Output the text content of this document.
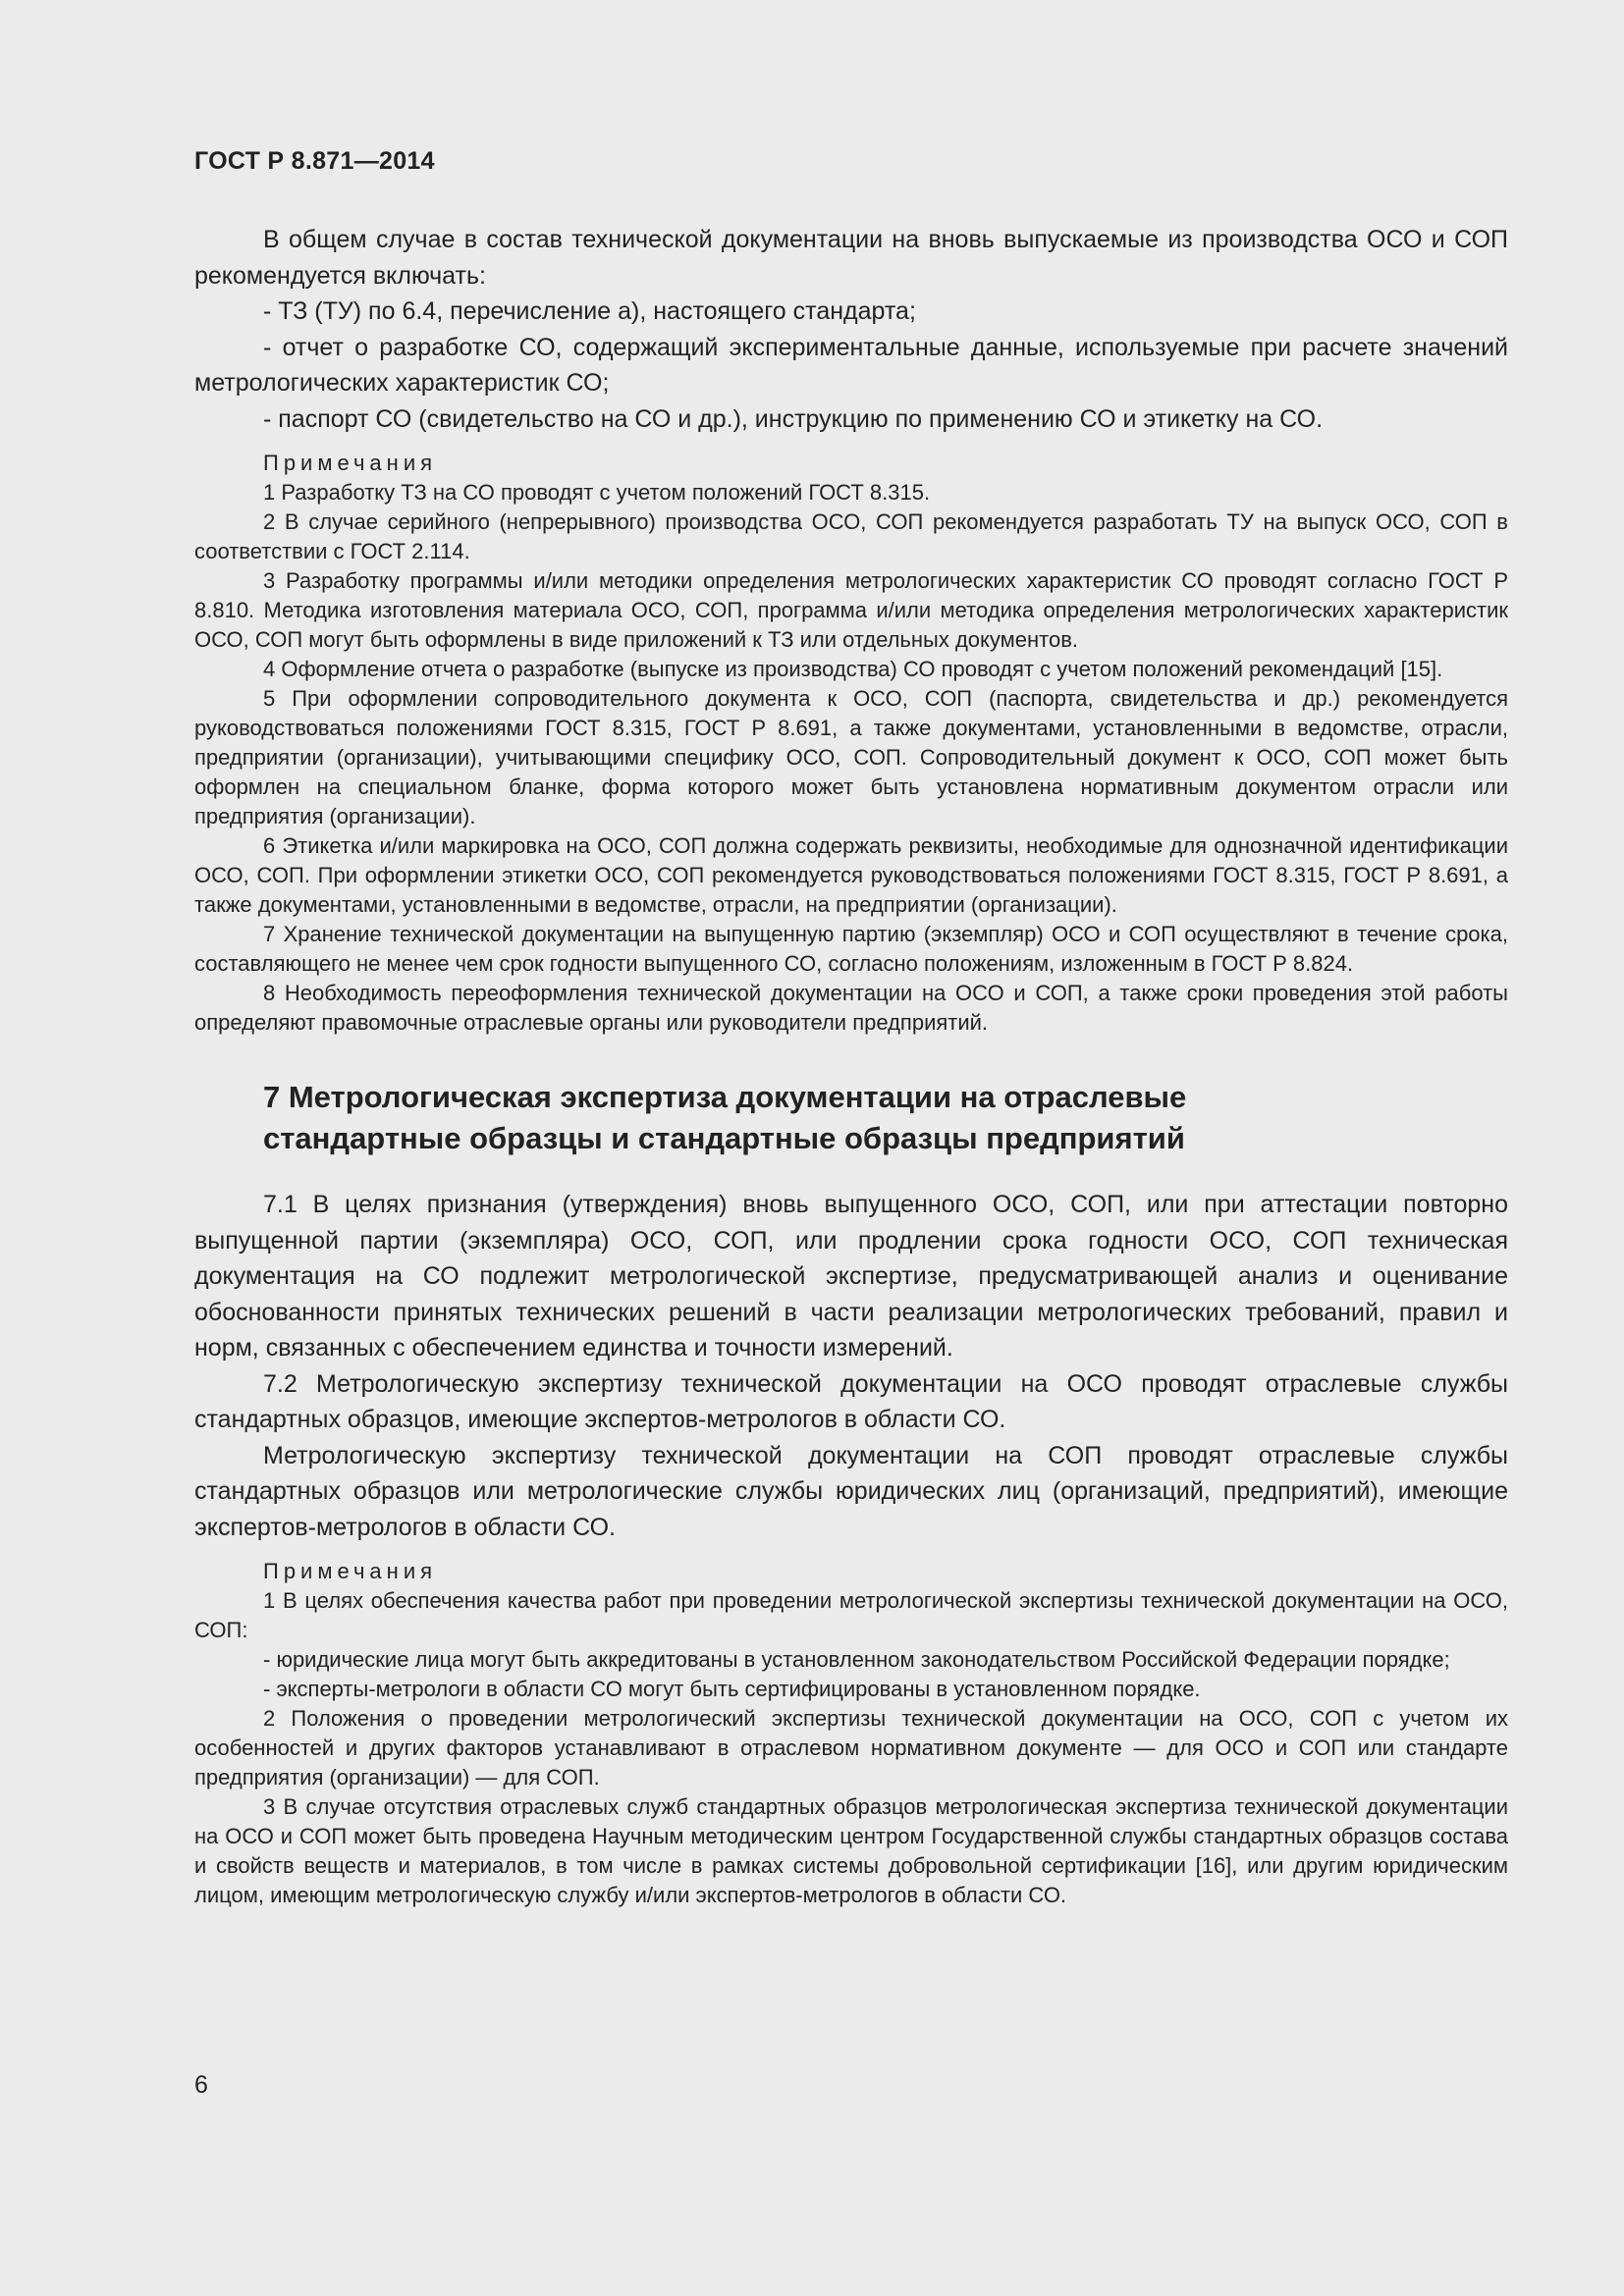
ГОСТ Р 8.871—2014

В общем случае в состав технической документации на вновь выпускаемые из производства ОСО и СОП рекомендуется включать:

- ТЗ (ТУ) по 6.4, перечисление а), настоящего стандарта;

- отчет о разработке СО, содержащий экспериментальные данные, используемые при расчете значений метрологических характеристик СО;

- паспорт СО (свидетельство на СО и др.), инструкцию по применению СО и этикетку на СО.

Примечания

1 Разработку ТЗ на СО проводят с учетом положений ГОСТ 8.315.

2 В случае серийного (непрерывного) производства ОСО, СОП рекомендуется разработать ТУ на выпуск ОСО, СОП в соответствии с ГОСТ 2.114.

3 Разработку программы и/или методики определения метрологических характеристик СО проводят согласно ГОСТ Р 8.810. Методика изготовления материала ОСО, СОП, программа и/или методика определения метрологических характеристик ОСО, СОП могут быть оформлены в виде приложений к ТЗ или отдельных документов.

4 Оформление отчета о разработке (выпуске из производства) СО проводят с учетом положений рекомендаций [15].

5 При оформлении сопроводительного документа к ОСО, СОП (паспорта, свидетельства и др.) рекомендуется руководствоваться положениями ГОСТ 8.315, ГОСТ Р 8.691, а также документами, установленными в ведомстве, отрасли, предприятии (организации), учитывающими специфику ОСО, СОП. Сопроводительный документ к ОСО, СОП может быть оформлен на специальном бланке, форма которого может быть установлена нормативным документом отрасли или предприятия (организации).

6 Этикетка и/или маркировка на ОСО, СОП должна содержать реквизиты, необходимые для однозначной идентификации ОСО, СОП. При оформлении этикетки ОСО, СОП рекомендуется руководствоваться положениями ГОСТ 8.315, ГОСТ Р 8.691, а также документами, установленными в ведомстве, отрасли, на предприятии (организации).

7 Хранение технической документации на выпущенную партию (экземпляр) ОСО и СОП осуществляют в течение срока, составляющего не менее чем срок годности выпущенного СО, согласно положениям, изложенным в ГОСТ Р 8.824.

8 Необходимость переоформления технической документации на ОСО и СОП, а также сроки проведения этой работы определяют правомочные отраслевые органы или руководители предприятий.

7 Метрологическая экспертиза документации на отраслевые
стандартные образцы и стандартные образцы предприятий

7.1 В целях признания (утверждения) вновь выпущенного ОСО, СОП, или при аттестации повторно выпущенной партии (экземпляра) ОСО, СОП, или продлении срока годности ОСО, СОП техническая документация на СО подлежит метрологической экспертизе, предусматривающей анализ и оценивание обоснованности принятых технических решений в части реализации метрологических требований, правил и норм, связанных с обеспечением единства и точности измерений.

7.2 Метрологическую экспертизу технической документации на ОСО проводят отраслевые службы стандартных образцов, имеющие экспертов-метрологов в области СО.

Метрологическую экспертизу технической документации на СОП проводят отраслевые службы стандартных образцов или метрологические службы юридических лиц (организаций, предприятий), имеющие экспертов-метрологов в области СО.

Примечания

1 В целях обеспечения качества работ при проведении метрологической экспертизы технической документации на ОСО, СОП:

- юридические лица могут быть аккредитованы в установленном законодательством Российской Федерации порядке;

- эксперты-метрологи в области СО могут быть сертифицированы в установленном порядке.

2 Положения о проведении метрологический экспертизы технической документации на ОСО, СОП с учетом их особенностей и других факторов устанавливают в отраслевом нормативном документе — для ОСО и СОП или стандарте предприятия (организации) — для СОП.

3 В случае отсутствия отраслевых служб стандартных образцов метрологическая экспертиза технической документации на ОСО и СОП может быть проведена Научным методическим центром Государственной службы стандартных образцов состава и свойств веществ и материалов, в том числе в рамках системы добровольной сертификации [16], или другим юридическим лицом, имеющим метрологическую службу и/или экспертов-метрологов в области СО.

6
